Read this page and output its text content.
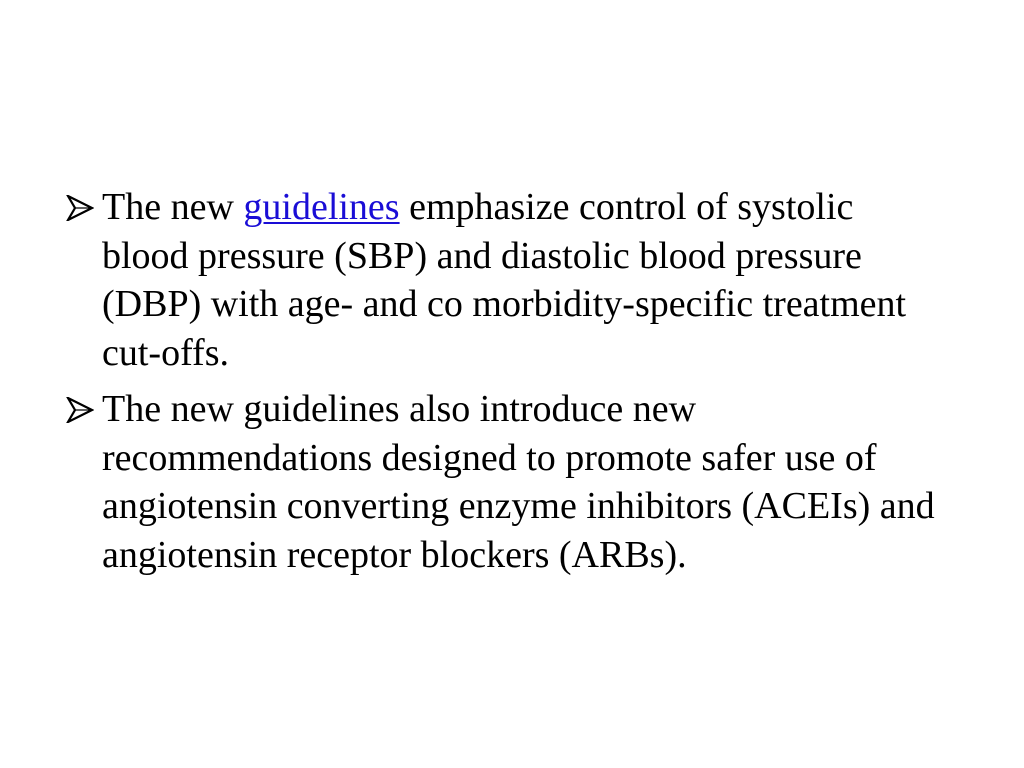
The new guidelines emphasize control of systolic blood pressure (SBP) and diastolic blood pressure (DBP) with age- and co morbidity-specific treatment cut-offs.
The new guidelines also introduce new recommendations designed to promote safer use of angiotensin converting enzyme inhibitors (ACEIs) and angiotensin receptor blockers (ARBs).
